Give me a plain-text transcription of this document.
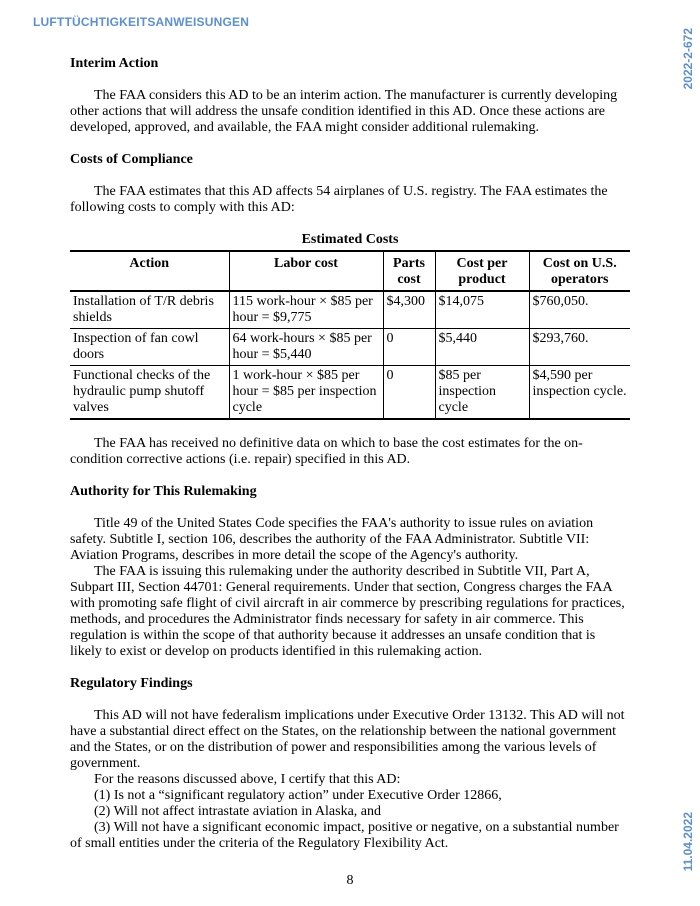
LUFTTÜCHTIGKEITSANWEISUNGEN
2022-2-672
11.04.2022
Interim Action

The FAA considers this AD to be an interim action. The manufacturer is currently developing other actions that will address the unsafe condition identified in this AD. Once these actions are developed, approved, and available, the FAA might consider additional rulemaking.

Costs of Compliance

The FAA estimates that this AD affects 54 airplanes of U.S. registry. The FAA estimates the following costs to comply with this AD:

Estimated Costs
Action	Labor cost	Parts cost	Cost per product	Cost on U.S. operators
Installation of T/R debris shields	115 work-hour × $85 per hour = $9,775	$4,300	$14,075	$760,050.
Inspection of fan cowl doors	64 work-hours × $85 per hour = $5,440	0	$5,440	$293,760.
Functional checks of the hydraulic pump shutoff valves	1 work-hour × $85 per hour = $85 per inspection cycle	0	$85 per inspection cycle	$4,590 per inspection cycle.

The FAA has received no definitive data on which to base the cost estimates for the on-condition corrective actions (i.e. repair) specified in this AD.

Authority for This Rulemaking

Title 49 of the United States Code specifies the FAA's authority to issue rules on aviation safety. Subtitle I, section 106, describes the authority of the FAA Administrator. Subtitle VII: Aviation Programs, describes in more detail the scope of the Agency's authority.

The FAA is issuing this rulemaking under the authority described in Subtitle VII, Part A, Subpart III, Section 44701: General requirements. Under that section, Congress charges the FAA with promoting safe flight of civil aircraft in air commerce by prescribing regulations for practices, methods, and procedures the Administrator finds necessary for safety in air commerce. This regulation is within the scope of that authority because it addresses an unsafe condition that is likely to exist or develop on products identified in this rulemaking action.

Regulatory Findings

This AD will not have federalism implications under Executive Order 13132. This AD will not have a substantial direct effect on the States, on the relationship between the national government and the States, or on the distribution of power and responsibilities among the various levels of government.

For the reasons discussed above, I certify that this AD:

(1) Is not a “significant regulatory action” under Executive Order 12866,

(2) Will not affect intrastate aviation in Alaska, and

(3) Will not have a significant economic impact, positive or negative, on a substantial number of small entities under the criteria of the Regulatory Flexibility Act.

8
